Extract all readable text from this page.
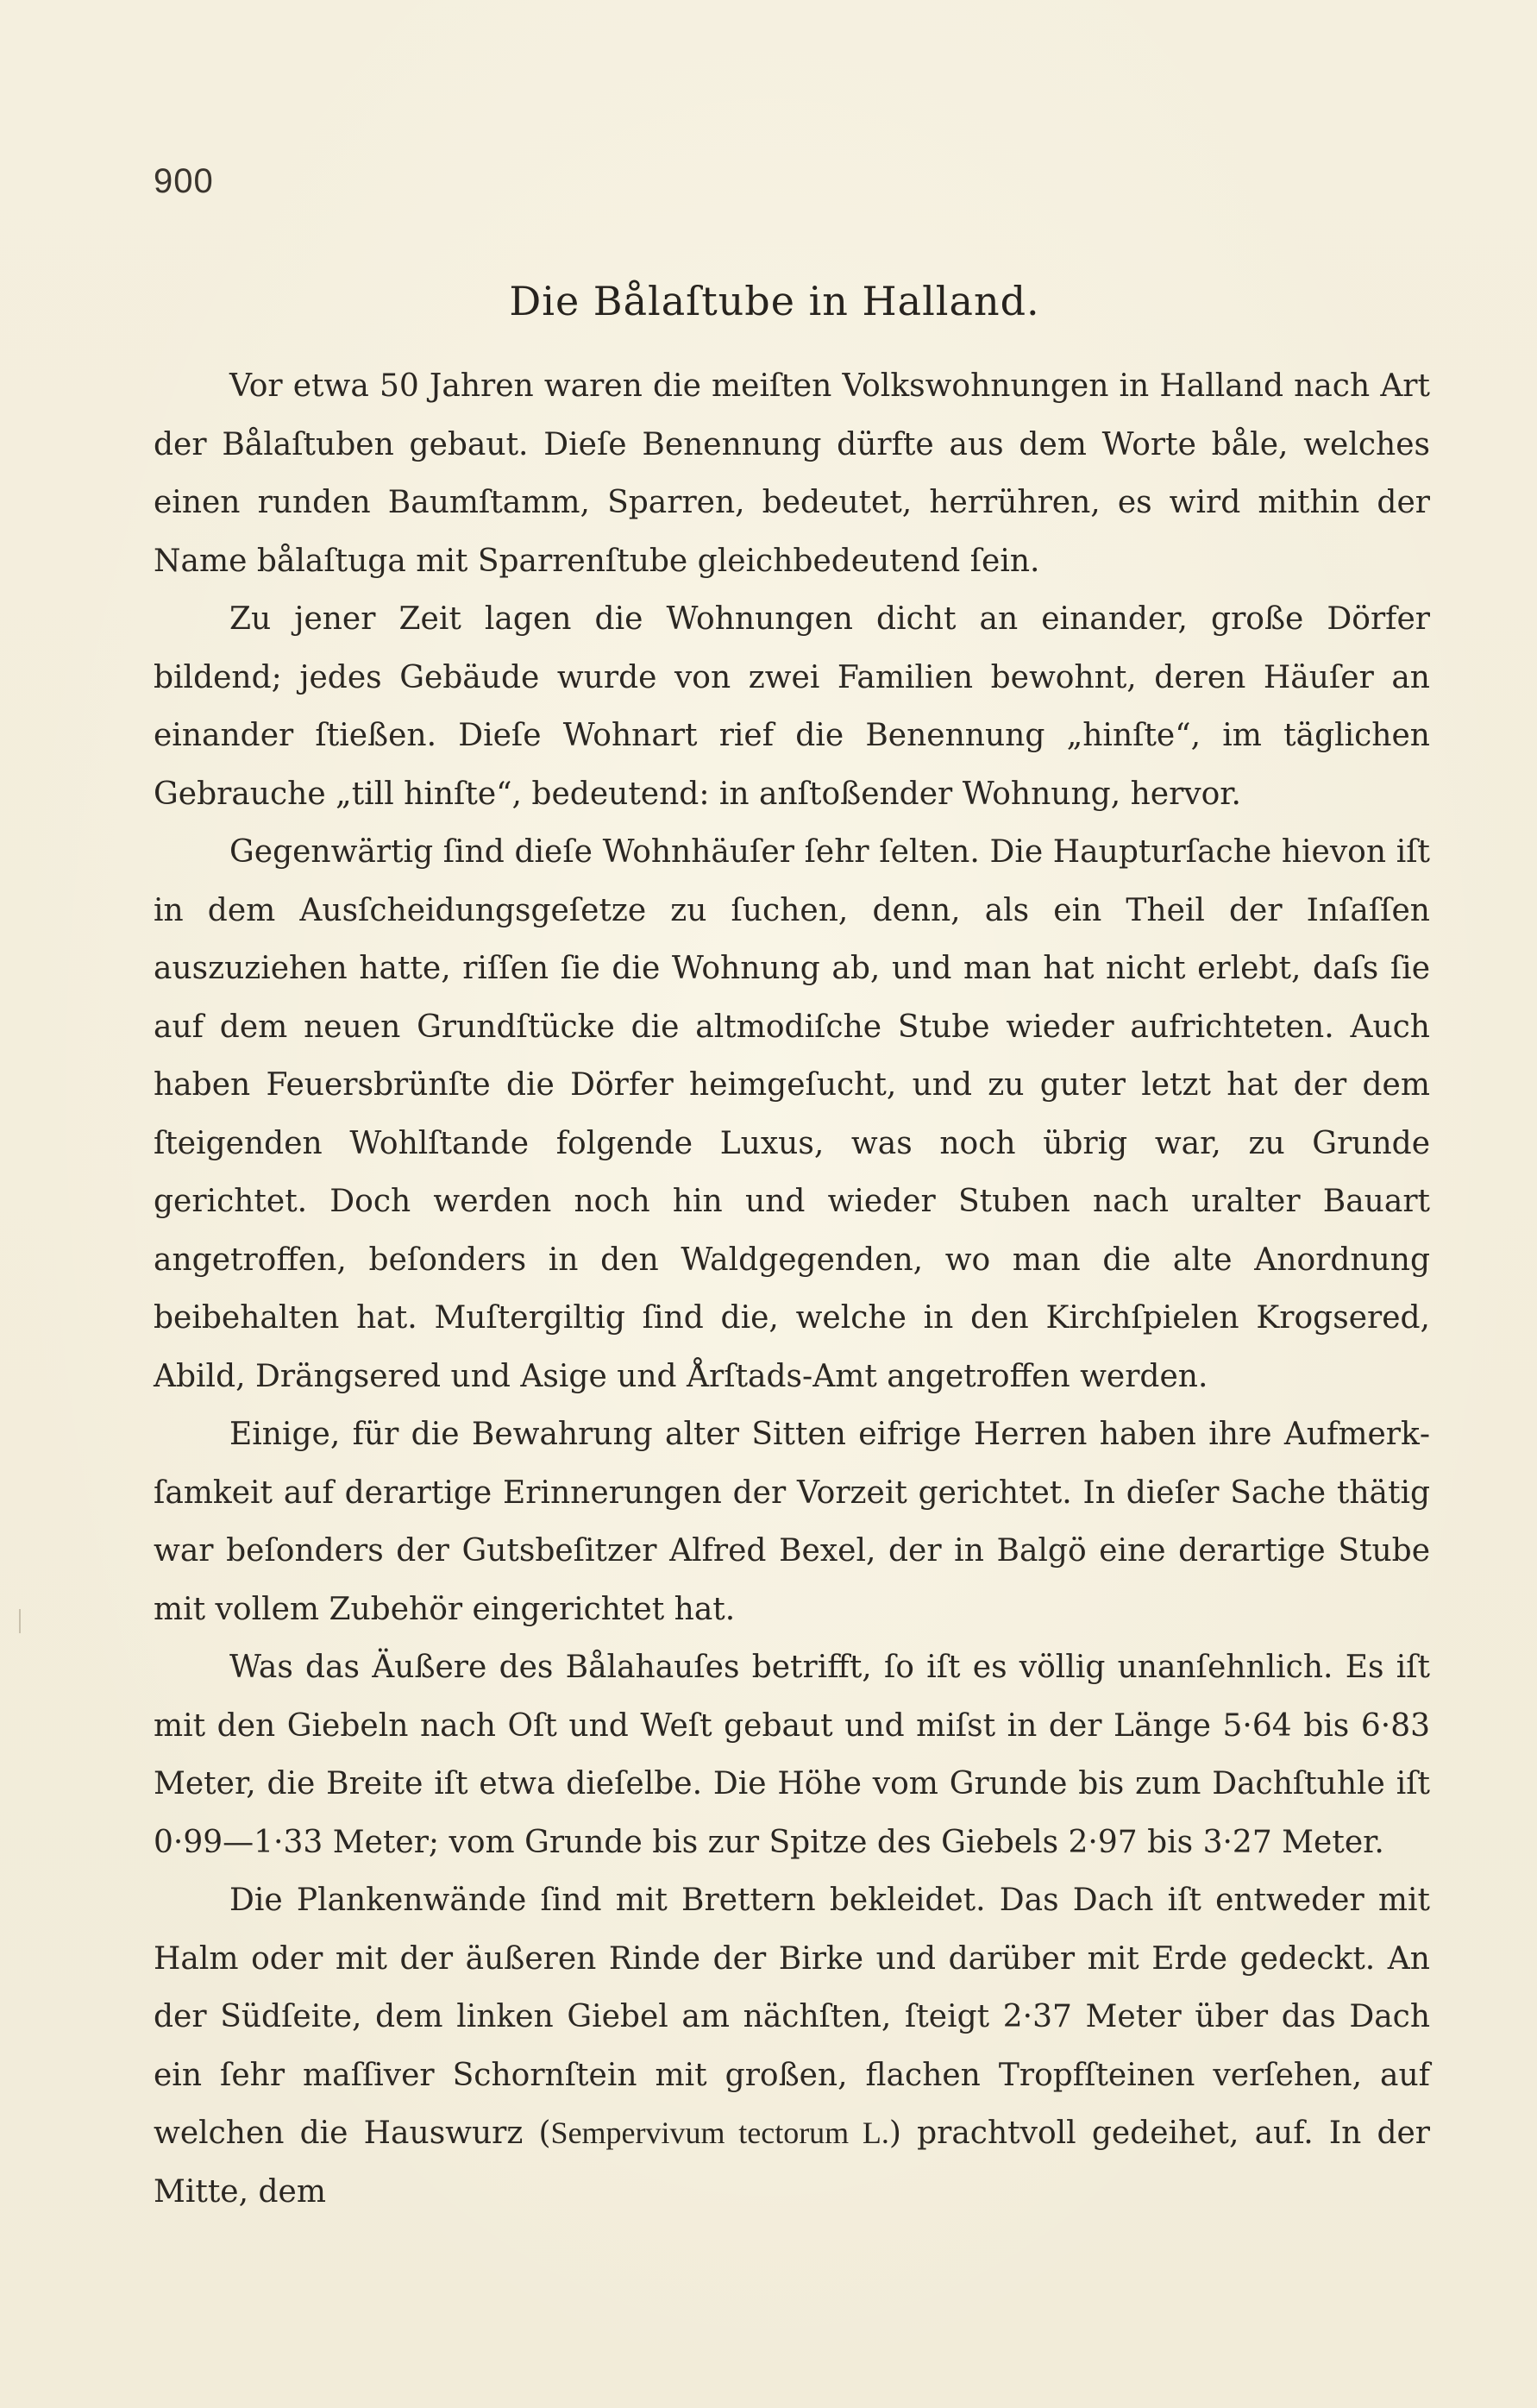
900
Die Bålaſtube in Halland.

Vor etwa 50 Jahren waren die meiſten Volkswohnungen in Halland nach Art der Bålaſtuben gebaut. Dieſe Benennung dürfte aus dem Worte båle, welches einen runden Baumſtamm, Sparren, bedeutet, herrühren, es wird mithin der Name bålaſtuga mit Sparrenſtube gleichbedeutend ſein.

Zu jener Zeit lagen die Wohnungen dicht an einander, große Dörfer bildend; jedes Gebäude wurde von zwei Familien bewohnt, deren Häuſer an einander ſtießen. Dieſe Wohnart rief die Benennung „hinſte“, im täglichen Gebrauche „till hinſte“, bedeutend: in anſtoßender Wohnung, hervor.

Gegenwärtig ſind dieſe Wohnhäuſer ſehr ſelten. Die Haupturſache hievon iſt in dem Ausſcheidungsgeſetze zu ſuchen, denn, als ein Theil der Inſaſſen auszuziehen hatte, riſſen ſie die Wohnung ab, und man hat nicht erlebt, daſs ſie auf dem neuen Grundſtücke die altmodiſche Stube wieder aufrichteten. Auch haben Feuersbrünſte die Dörfer heimgeſucht, und zu guter letzt hat der dem ſteigenden Wohlſtande folgende Luxus, was noch übrig war, zu Grunde gerichtet. Doch werden noch hin und wieder Stuben nach uralter Bauart angetroffen, beſonders in den Waldgegenden, wo man die alte Anordnung beibehalten hat. Muſtergiltig ſind die, welche in den Kirchſpielen Krogsered, Abild, Drängsered und Asige und Årſtads-Amt angetroffen werden.

Einige, für die Bewahrung alter Sitten eifrige Herren haben ihre Aufmerkſamkeit auf derartige Erinnerungen der Vorzeit gerichtet. In dieſer Sache thätig war beſonders der Gutsbeſitzer Alfred Bexel, der in Balgö eine derartige Stube mit vollem Zubehör eingerichtet hat.

Was das Äußere des Bålahauſes betrifft, ſo iſt es völlig unanſehnlich. Es iſt mit den Giebeln nach Oſt und Weſt gebaut und miſst in der Länge 5·64 bis 6·83 Meter, die Breite iſt etwa dieſelbe. Die Höhe vom Grunde bis zum Dachſtuhle iſt 0·99—1·33 Meter; vom Grunde bis zur Spitze des Giebels 2·97 bis 3·27 Meter.

Die Plankenwände ſind mit Brettern bekleidet. Das Dach iſt entweder mit Halm oder mit der äußeren Rinde der Birke und darüber mit Erde gedeckt. An der Südſeite, dem linken Giebel am nächſten, ſteigt 2·37 Meter über das Dach ein ſehr maſſiver Schornſtein mit großen, flachen Tropfſteinen verſehen, auf welchen die Hauswurz (Sempervivum tectorum L.) prachtvoll gedeihet, auf. In der Mitte, dem
